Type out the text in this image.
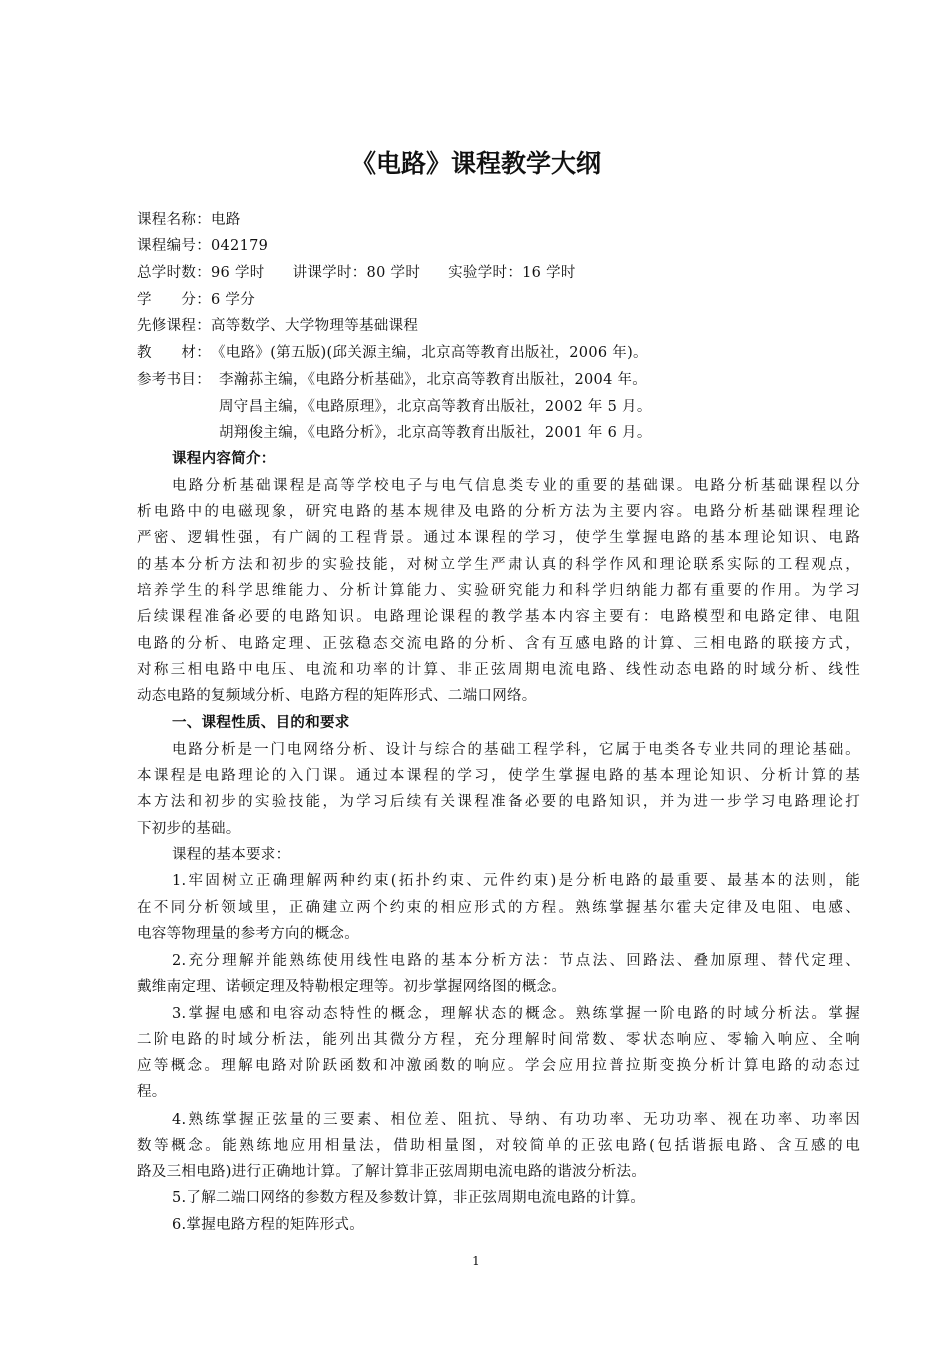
《电路》课程教学大纲
课程名称：电路
课程编号：042179
总学时数：96 学时 讲课学时：80 学时 实验学时：16 学时
学　　分：6 学分
先修课程：高等数学、大学物理等基础课程
教　　材：《电路》(第五版)(邱关源主编，北京高等教育出版社，2006 年)。
参考书目： 李瀚荪主编，《电路分析基础》，北京高等教育出版社，2004 年。
周守昌主编，《电路原理》，北京高等教育出版社，2002 年 5 月。
胡翔俊主编，《电路分析》，北京高等教育出版社，2001 年 6 月。
课程内容简介：
电路分析基础课程是高等学校电子与电气信息类专业的重要的基础课。电路分析基础课程以分
析电路中的电磁现象，研究电路的基本规律及电路的分析方法为主要内容。电路分析基础课程理论
严密、逻辑性强，有广阔的工程背景。通过本课程的学习，使学生掌握电路的基本理论知识、电路
的基本分析方法和初步的实验技能，对树立学生严肃认真的科学作风和理论联系实际的工程观点，
培养学生的科学思维能力、分析计算能力、实验研究能力和科学归纳能力都有重要的作用。为学习
后续课程准备必要的电路知识。电路理论课程的教学基本内容主要有：电路模型和电路定律、电阻
电路的分析、电路定理、正弦稳态交流电路的分析、含有互感电路的计算、三相电路的联接方式，
对称三相电路中电压、电流和功率的计算、非正弦周期电流电路、线性动态电路的时域分析、线性
动态电路的复频域分析、电路方程的矩阵形式、二端口网络。
一、课程性质、目的和要求
电路分析是一门电网络分析、设计与综合的基础工程学科，它属于电类各专业共同的理论基础。
本课程是电路理论的入门课。通过本课程的学习，使学生掌握电路的基本理论知识、分析计算的基
本方法和初步的实验技能，为学习后续有关课程准备必要的电路知识，并为进一步学习电路理论打
下初步的基础。
课程的基本要求：
1.牢固树立正确理解两种约束(拓扑约束、元件约束)是分析电路的最重要、最基本的法则，能
在不同分析领域里，正确建立两个约束的相应形式的方程。熟练掌握基尔霍夫定律及电阻、电感、
电容等物理量的参考方向的概念。
2.充分理解并能熟练使用线性电路的基本分析方法：节点法、回路法、叠加原理、替代定理、
戴维南定理、诺顿定理及特勒根定理等。初步掌握网络图的概念。
3.掌握电感和电容动态特性的概念，理解状态的概念。熟练掌握一阶电路的时域分析法。掌握
二阶电路的时域分析法，能列出其微分方程，充分理解时间常数、零状态响应、零输入响应、全响
应等概念。理解电路对阶跃函数和冲激函数的响应。学会应用拉普拉斯变换分析计算电路的动态过
程。
4.熟练掌握正弦量的三要素、相位差、阻抗、导纳、有功功率、无功功率、视在功率、功率因
数等概念。能熟练地应用相量法，借助相量图，对较简单的正弦电路(包括谐振电路、含互感的电
路及三相电路)进行正确地计算。了解计算非正弦周期电流电路的谐波分析法。
5.了解二端口网络的参数方程及参数计算，非正弦周期电流电路的计算。
6.掌握电路方程的矩阵形式。
1
